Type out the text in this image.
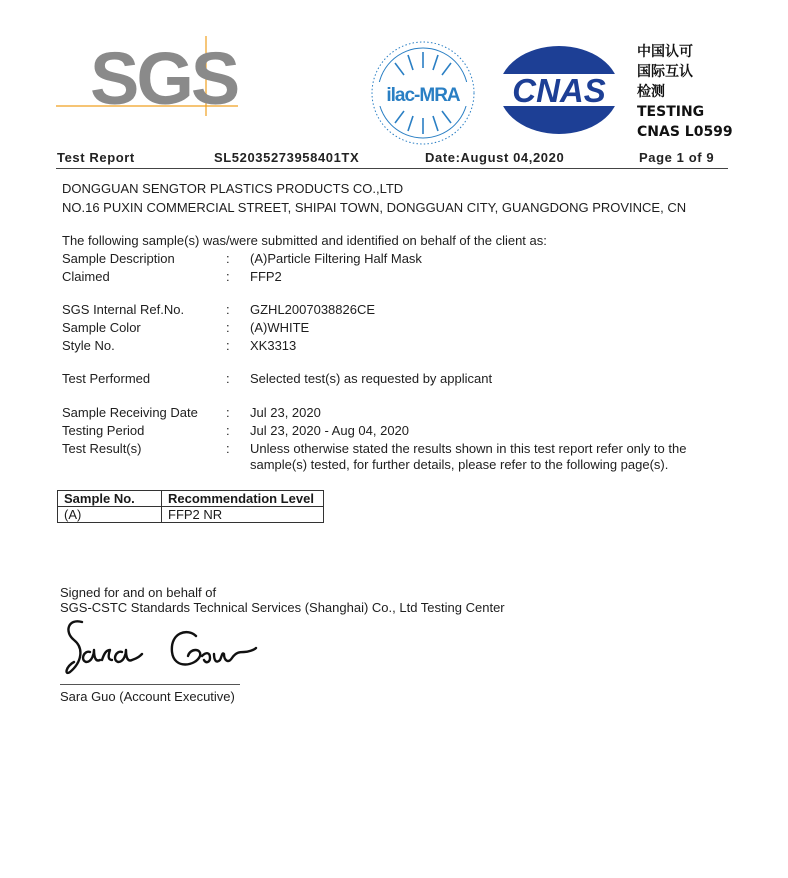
SGS	ilac-MRA CNAS
中国认可
国际互认
检测
TESTING
CNAS L0599
Test Report	SL52035273958401TX	Date:August 04,2020	Page 1 of 9
DONGGUAN SENGTOR PLASTICS PRODUCTS CO.,LTD
NO.16 PUXIN COMMERCIAL STREET, SHIPAI TOWN, DONGGUAN CITY, GUANGDONG PROVINCE, CN
The following sample(s) was/were submitted and identified on behalf of the client as:
Sample Description	: (A)Particle Filtering Half Mask
Claimed	: FFP2
SGS Internal Ref.No.	: GZHL2007038826CE
Sample Color	: (A)WHITE
Style No.	: XK3313
Test Performed	: Selected test(s) as requested by applicant
Sample Receiving Date : Jul 23, 2020
Testing Period	: Jul 23, 2020 - Aug 04, 2020
Test Result(s)	: Unless otherwise stated the results shown in this test report refer only to the
sample(s) tested, for further details, please refer to the following page(s).
Sample No.	Recommendation Level
(A)	FFP2 NR
Signed for and on behalf of
SGS-CSTC Standards Technical Services (Shanghai) Co., Ltd Testing Center
Sara Guo (Account Executive)
